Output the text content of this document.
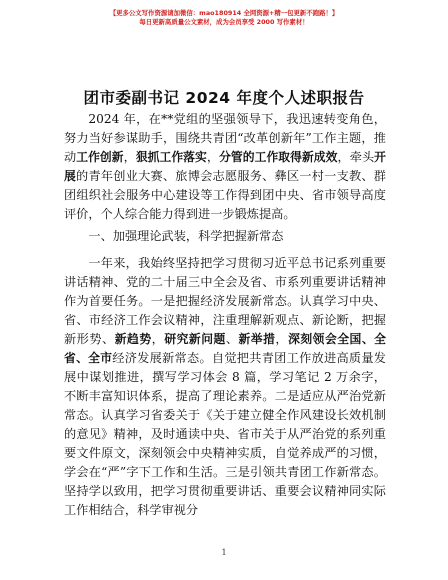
【更多公文写作资源请加微信：mao180914 全网资源+精一包更新不跑路！】
每日更新高质量公文素材，成为会员享受 2000 写作素材！
团市委副书记 2024 年度个人述职报告

2024 年，在**党组的坚强领导下，我迅速转变角色，努力当好参谋助手，围绕共青团“改革创新年”工作主题，推动工作创新，狠抓工作落实，分管的工作取得新成效，牵头开展的青年创业大赛、旅博会志愿服务、彝区一村一支教、群团组织社会服务中心建设等工作得到团中央、省市领导高度评价，个人综合能力得到进一步锻炼提高。

一、加强理论武装，科学把握新常态

一年来，我始终坚持把学习贯彻习近平总书记系列重要讲话精神、党的二十届三中全会及省、市系列重要讲话精神作为首要任务。一是把握经济发展新常态。认真学习中央、省、市经济工作会议精神，注重理解新观点、新论断，把握新形势、新趋势，研究新问题、新举措，深刻领会全国、全省、全市经济发展新常态。自觉把共青团工作放进高质量发展中谋划推进，撰写学习体会 8 篇，学习笔记 2 万余字，不断丰富知识体系，提高了理论素养。二是适应从严治党新常态。认真学习省委关于《关于建立健全作风建设长效机制的意见》精神，及时通读中央、省市关于从严治党的系列重要文件原文，深刻领会中央精神实质，自觉养成严的习惯，学会在“严”字下工作和生活。三是引领共青团工作新常态。坚持学以致用，把学习贯彻重要讲话、重要会议精神同实际工作相结合，科学审视分

1
